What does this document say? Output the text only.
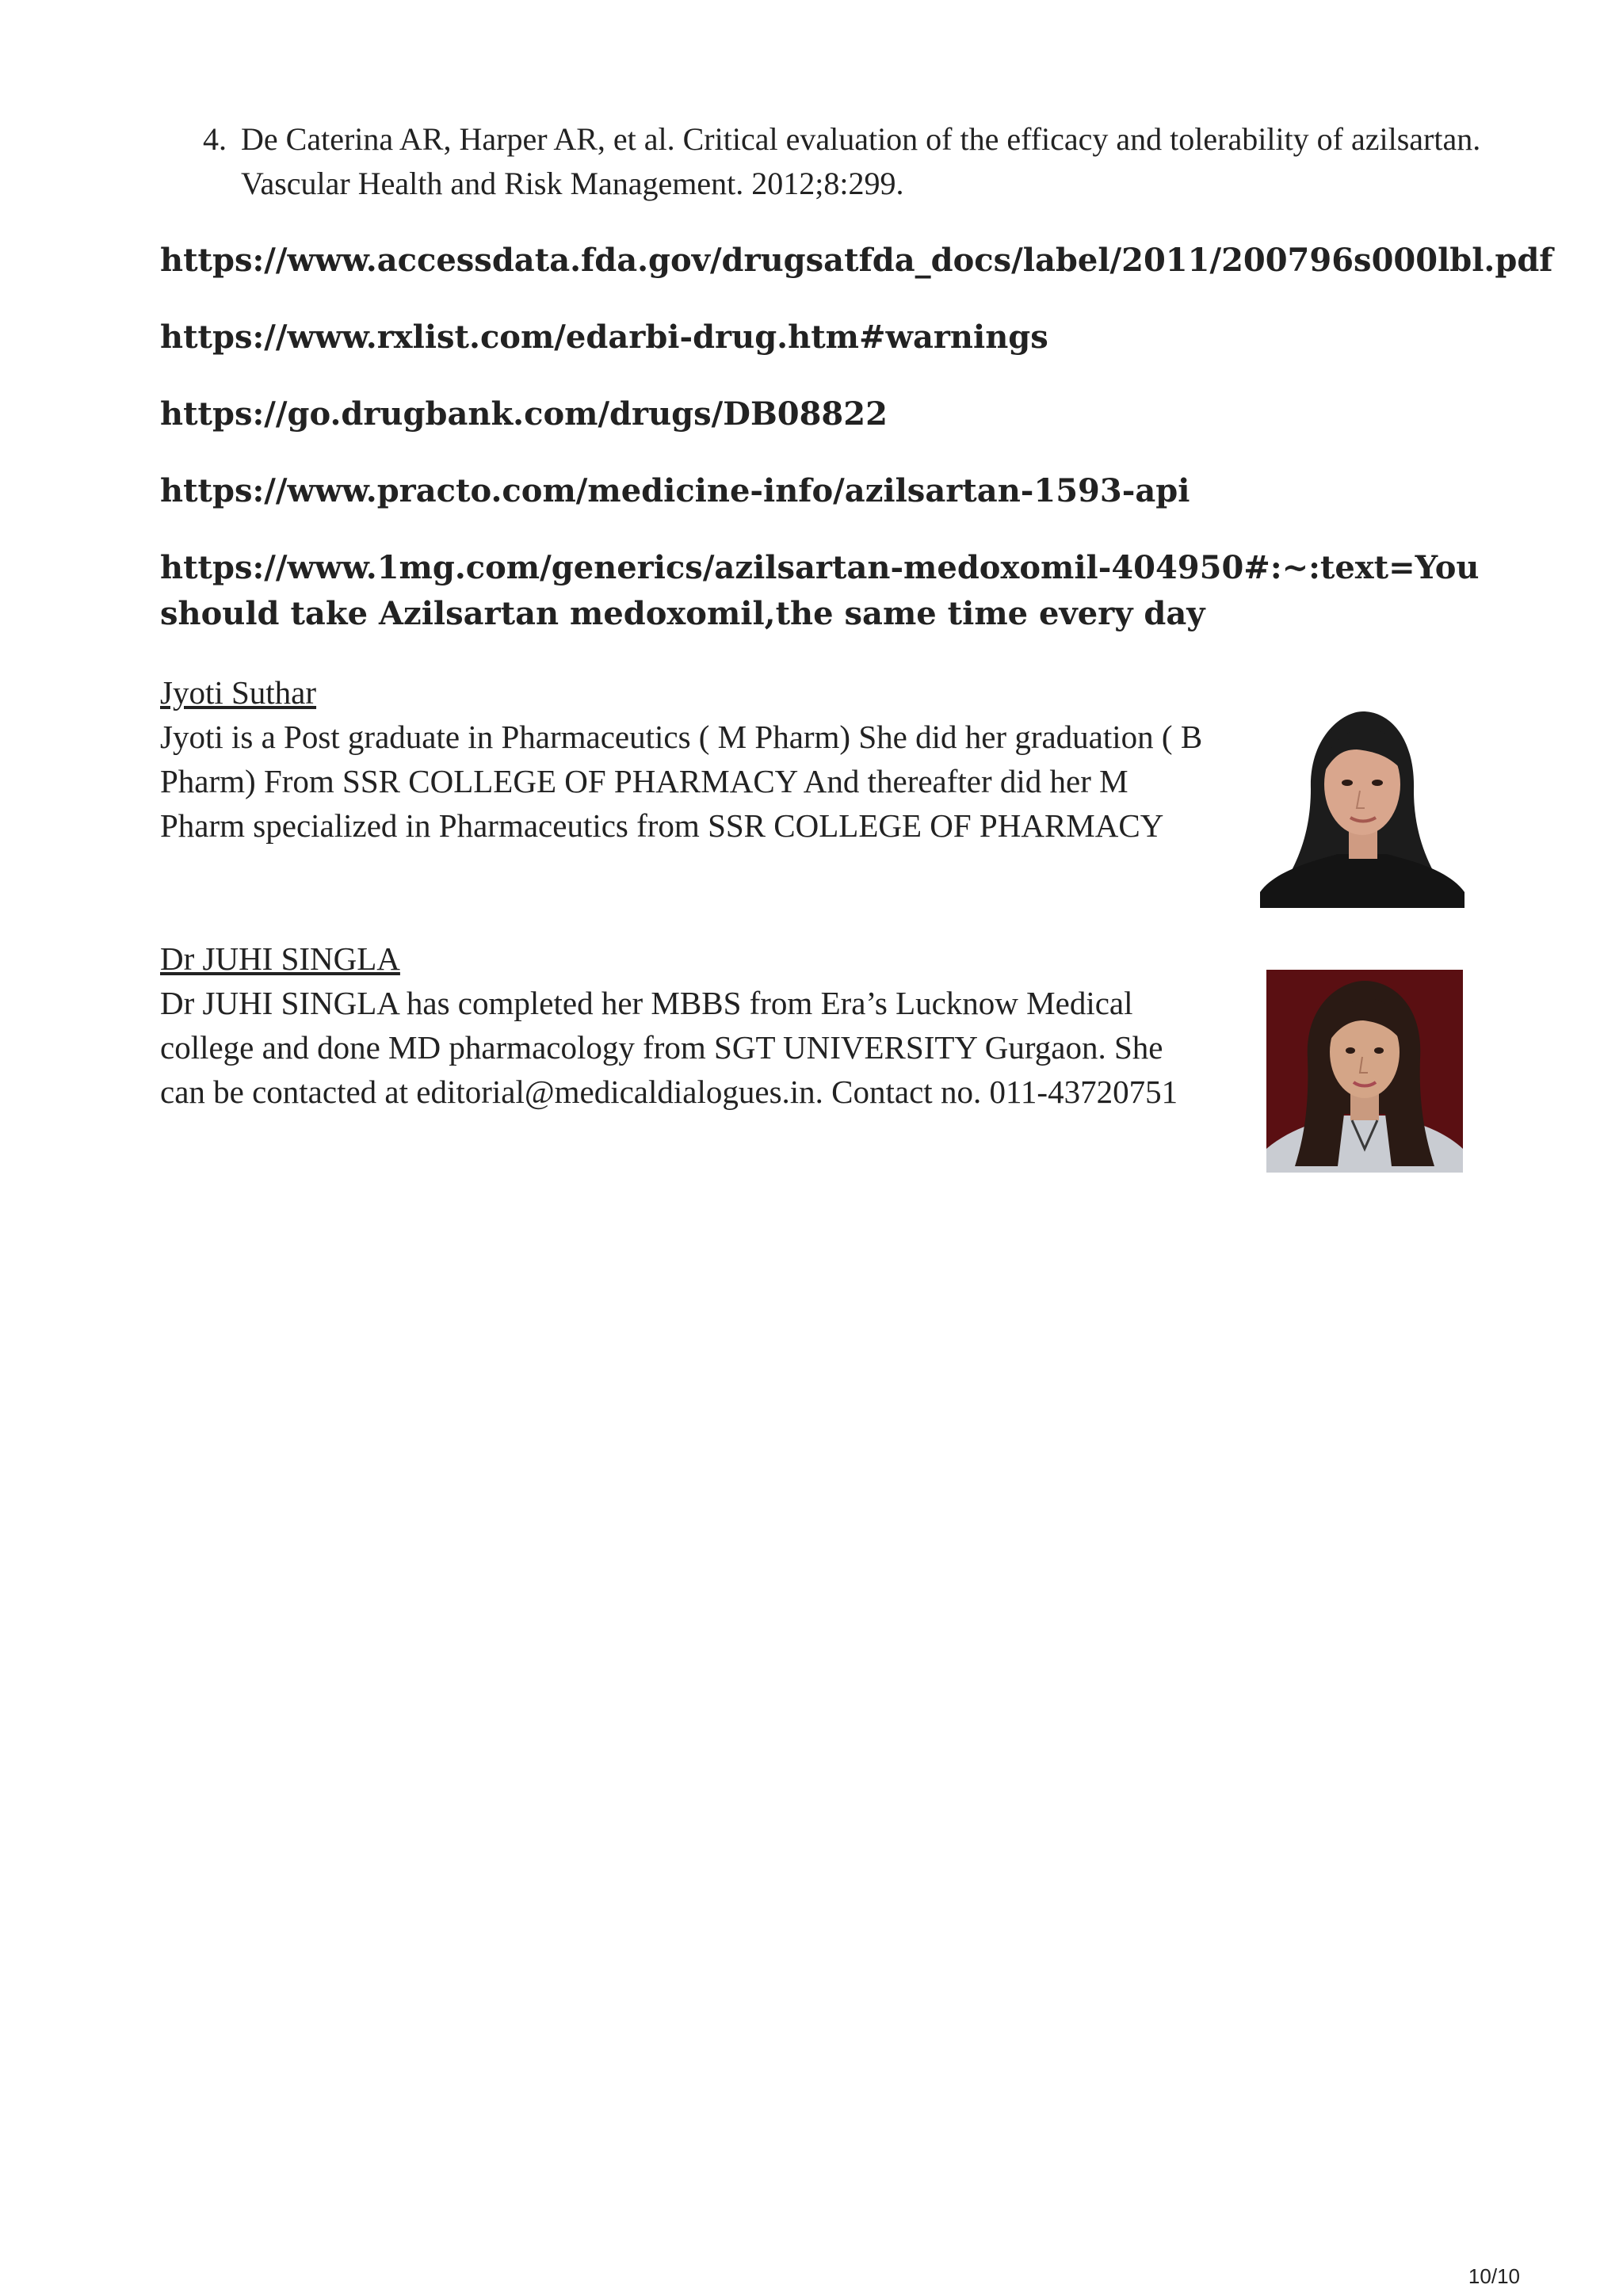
4. De Caterina AR, Harper AR, et al. Critical evaluation of the efficacy and tolerability of azilsartan. Vascular Health and Risk Management. 2012;8:299.
https://www.accessdata.fda.gov/drugsatfda_docs/label/2011/200796s000lbl.pdf
https://www.rxlist.com/edarbi-drug.htm#warnings
https://go.drugbank.com/drugs/DB08822
https://www.practo.com/medicine-info/azilsartan-1593-api
https://www.1mg.com/generics/azilsartan-medoxomil-404950#:~:text=You should take Azilsartan medoxomil,the same time every day
Jyoti Suthar
Jyoti is a Post graduate in Pharmaceutics ( M Pharm) She did her graduation ( B Pharm) From SSR COLLEGE OF PHARMACY And thereafter did her M Pharm specialized in Pharmaceutics from SSR COLLEGE OF PHARMACY
Dr JUHI SINGLA
Dr JUHI SINGLA has completed her MBBS from Era’s Lucknow Medical college and done MD pharmacology from SGT UNIVERSITY Gurgaon. She can be contacted at editorial@medicaldialogues.in. Contact no. 011-43720751
10/10
